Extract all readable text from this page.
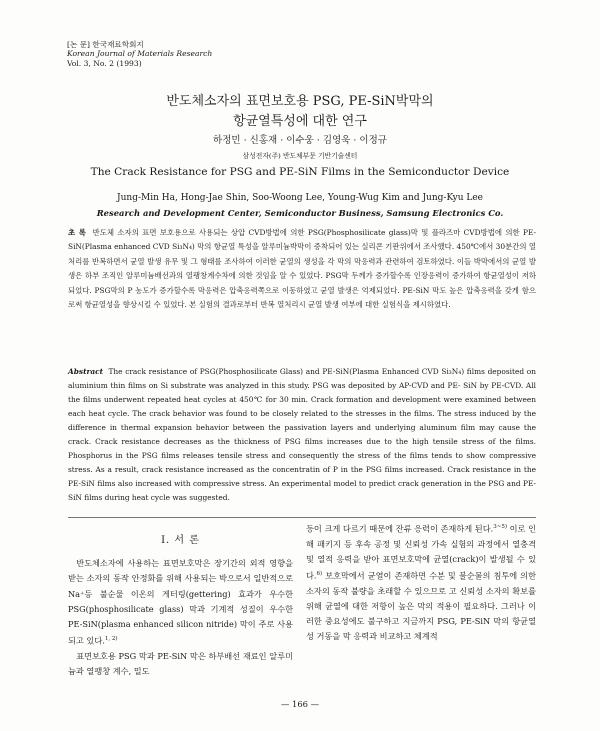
[논 문] 한국재료학회지
Korean Journal of Materials Research
Vol. 3, No. 2 (1993)
반도체소자의 표면보호용 PSG, PE-SiN박막의
항균열특성에 대한 연구
하정민 · 신홍재 · 이수웅 · 김영욱 · 이정규
삼성전자(주) 반도체부문 기반기술센터
The Crack Resistance for PSG and PE-SiN Films in the Semiconductor Device
Jung-Min Ha, Hong-Jae Shin, Soo-Woong Lee, Young-Wug Kim and Jung-Kyu Lee
Research and Development Center, Semiconductor Business, Samsung Electronics Co.
초 록 반도체 소자의 표면 보호용으로 사용되는 상압 CVD방법에 의한 PSG(Phosphosilicate glass)막 및 플라즈마 CVD방법에 의한 PE-SiN(Plasma enhanced CVD Si₃N₄) 막의 항균열 특성을 알루미늄박막이 증착되어 있는 실리콘 기판위에서 조사했다. 450℃에서 30분간의 열처리를 반복하면서 균열 발생 유무 및 그 형태를 조사하여 이러한 균열의 생성을 각 막의 막응력과 관련하여 검토하였다. 이들 박막에서의 균열 발생은 하부 조직인 알루미늄배선과의 열팽창계수차에 의한 것임을 알 수 있었다. PSG막 두께가 증가할수록 인장응력이 증가하여 항균열성이 저하되었다. PSG막의 P 농도가 증가할수록 막응력은 압축응력쪽으로 이동하였고 균열 발생은 억제되었다. PE-SiN 막도 높은 압축응력을 갖게 함으로써 항균열성을 향상시킬 수 있었다. 본 실험의 결과로부터 반복 열처리시 균열 발생 여부에 대한 실험식을 제시하였다.
Abstract The crack resistance of PSG(Phosphosilicate Glass) and PE-SiN(Plasma Enhanced CVD Si₃N₄) films deposited on aluminium thin films on Si substrate was analyzed in this study. PSG was deposited by AP-CVD and PE- SiN by PE-CVD. All the films underwent repeated heat cycles at 450℃ for 30 min. Crack formation and development were examined between each heat cycle. The crack behavior was found to be closely related to the stresses in the films. The stress induced by the difference in thermal expansion behavior between the passivation layers and underlying aluminum film may cause the crack. Crack resistance decreases as the thickness of PSG films increases due to the high tensile stress of the films. Phosphorus in the PSG films releases tensile stress and consequently the stress of the films tends to show compressive stress. As a result, crack resistance increased as the concentratin of P in the PSG films increased. Crack resistance in the PE-SiN films also increased with compressive stress. An experimental model to predict crack generation in the PSG and PE-SiN films during heat cycle was suggested.
I. 서 론

반도체소자에 사용하는 표면보호막은 장기간의 외적 영향을 받는 소자의 동작 안정화를 위해 사용되는 박으로서 일반적으로 Na⁺등 불순물 이온의 게터링(gettering) 효과가 우수한 PSG(phosphosilicate glass) 막과 기계적 성질이 우수한 PE-SiN(plasma enhanced silicon nitride) 막이 주로 사용되고 있다.$^{1, 2)}$

표면보호용 PSG 막과 PE-SiN 막은 하부배선 재료인 알루미늄과 열팽창 계수, 밀도

등이 크게 다르기 때문에 잔류 응력이 존재하게 된다.$^{3\sim 5)}$ 이로 인해 패키지 등 후속 공정 및 신뢰성 가속 실험의 과정에서 열충격 및 열적 응력을 받아 표면보호막에 균열(crack)이 발생될 수 있다.$^{6)}$ 보호막에서 균열이 존재하면 수분 및 불순물의 침투에 의한 소자의 동작 불량을 초래할 수 있으므로 고 신뢰성 소자의 확보를 위해 균열에 대한 저항이 높은 막의 적용이 필요하다. 그러나 이러한 중요성에도 불구하고 지금까지 PSG, PE-SiN 막의 항균열성 거동을 막 응력과 비교하고 체계적

— 166 —
